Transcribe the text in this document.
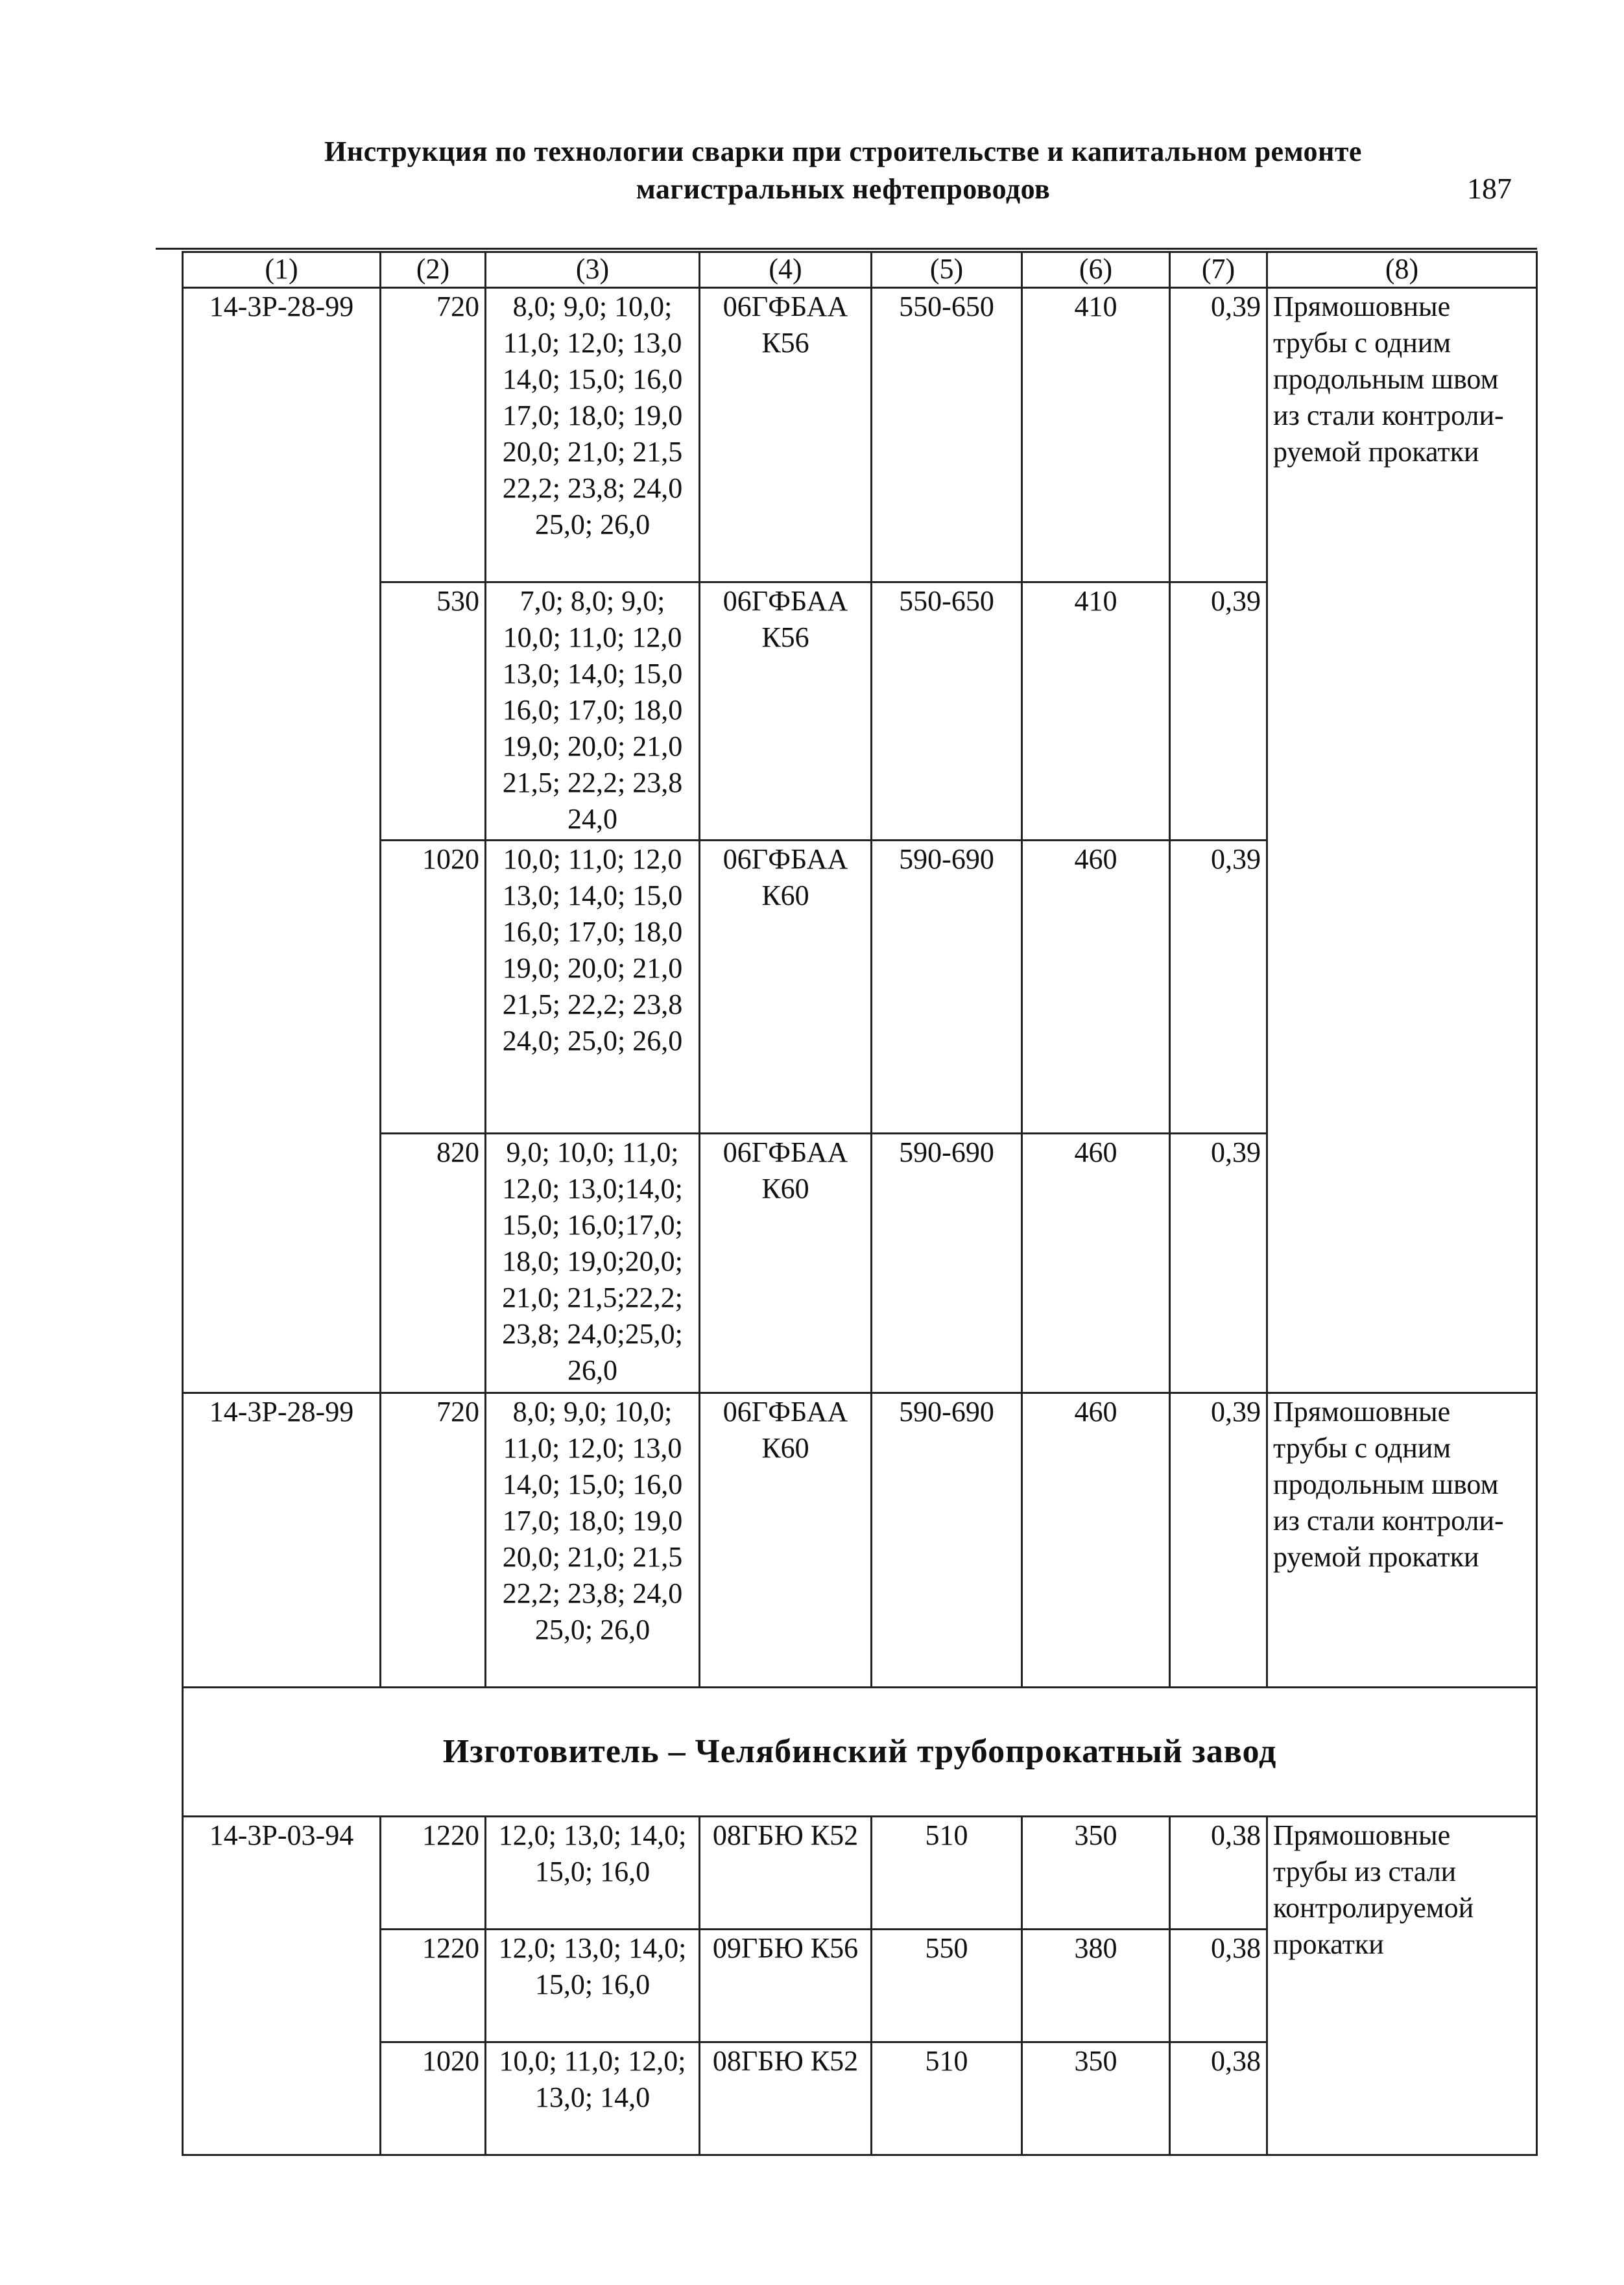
Инструкция по технологии сварки при строительстве и капитальном ремонте
магистральных нефтепроводов	187
(1)	(2)	(3)	(4)	(5)	(6)	(7)	(8)
14-3Р-28-99	720	8,0; 9,0; 10,0; 11,0; 12,0; 13,0 14,0; 15,0; 16,0 17,0; 18,0; 19,0 20,0; 21,0; 21,5 22,2; 23,8; 24,0 25,0; 26,0	06ГФБАА К56	550-650	410	0,39	Прямошовные трубы с одним продольным швом из стали контроли-руемой прокатки
	530	7,0; 8,0; 9,0; 10,0; 11,0; 12,0 13,0; 14,0; 15,0 16,0; 17,0; 18,0 19,0; 20,0; 21,0 21,5; 22,2; 23,8 24,0	06ГФБАА К56	550-650	410	0,39	
	1020	10,0; 11,0; 12,0 13,0; 14,0; 15,0 16,0; 17,0; 18,0 19,0; 20,0; 21,0 21,5; 22,2; 23,8 24,0; 25,0; 26,0	06ГФБАА К60	590-690	460	0,39	
	820	9,0; 10,0; 11,0; 12,0; 13,0;14,0; 15,0; 16,0;17,0; 18,0; 19,0;20,0; 21,0; 21,5;22,2; 23,8; 24,0;25,0; 26,0	06ГФБАА К60	590-690	460	0,39	
14-3Р-28-99	720	8,0; 9,0; 10,0; 11,0; 12,0; 13,0 14,0; 15,0; 16,0 17,0; 18,0; 19,0 20,0; 21,0; 21,5 22,2; 23,8; 24,0 25,0; 26,0	06ГФБАА К60	590-690	460	0,39	Прямошовные трубы с одним продольным швом из стали контроли-руемой прокатки
Изготовитель – Челябинский трубопрокатный завод							
14-3Р-03-94	1220	12,0; 13,0; 14,0; 15,0; 16,0	08ГБЮ К52	510	350	0,38	Прямошовные трубы из стали контролируемой прокатки
	1220	12,0; 13,0; 14,0; 15,0; 16,0	09ГБЮ К56	550	380	0,38	
	1020	10,0; 11,0; 12,0; 13,0; 14,0	08ГБЮ К52	510	350	0,38	
